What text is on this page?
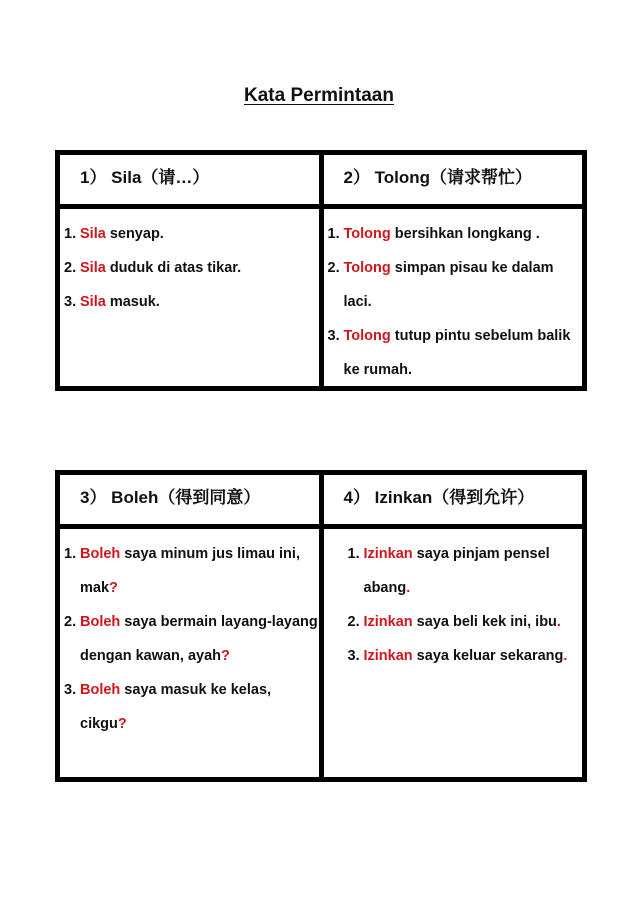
Kata Permintaan
1） Sila（请…）	2） Tolong（请求帮忙）
1. Sila senyap.
2. Sila duduk di atas tikar.
3. Sila masuk.
1. Tolong bersihkan longkang .
2. Tolong simpan pisau ke dalam laci.
3. Tolong tutup pintu sebelum balik ke rumah.
3） Boleh（得到同意）	4） Izinkan（得到允许）
1. Boleh saya minum jus limau ini, mak?
2. Boleh saya bermain layang-layang dengan kawan, ayah?
3. Boleh saya masuk ke kelas, cikgu?
1. Izinkan saya pinjam pensel abang.
2. Izinkan saya beli kek ini, ibu.
3. Izinkan saya keluar sekarang.
